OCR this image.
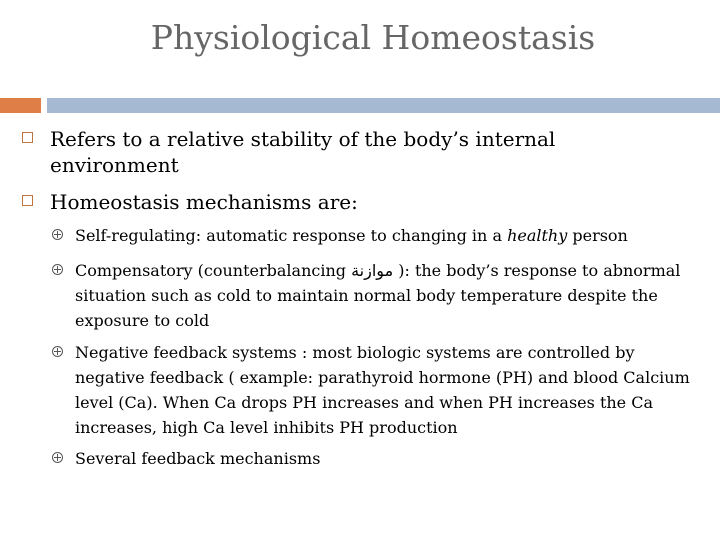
Physiological Homeostasis
Refers to a relative stability of the body’s internal environment
Homeostasis mechanisms are:
Self-regulating: automatic response to changing in a healthy person
Compensatory (counterbalancing موازنة ): the body’s response to abnormal situation such as cold to maintain normal body temperature despite the exposure to cold
Negative feedback systems : most biologic systems are controlled by negative feedback ( example: parathyroid hormone (PH) and blood Calcium level (Ca). When Ca drops PH increases and when PH increases the Ca increases, high Ca level inhibits PH production
Several feedback mechanisms
